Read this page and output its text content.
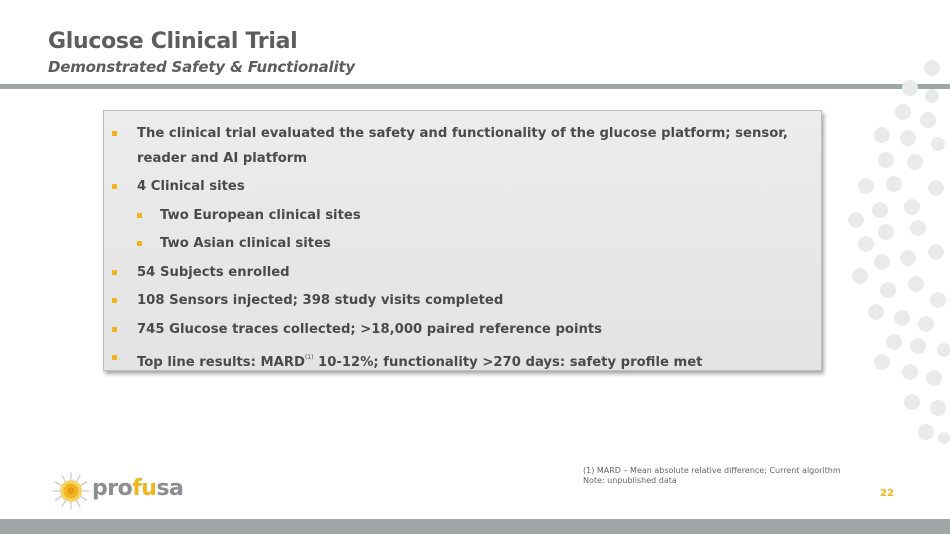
Glucose Clinical Trial
Demonstrated Safety & Functionality
The clinical trial evaluated the safety and functionality of the glucose platform; sensor, reader and AI platform
4 Clinical sites
Two European clinical sites
Two Asian clinical sites
54 Subjects enrolled
108 Sensors injected; 398 study visits completed
745 Glucose traces collected; >18,000 paired reference points
Top line results: MARD$^{(1)}$ 10-12%; functionality >270 days: safety profile met
profusa
(1) MARD – Mean absolute relative difference; Current algorithm
Note: unpublished data
22
